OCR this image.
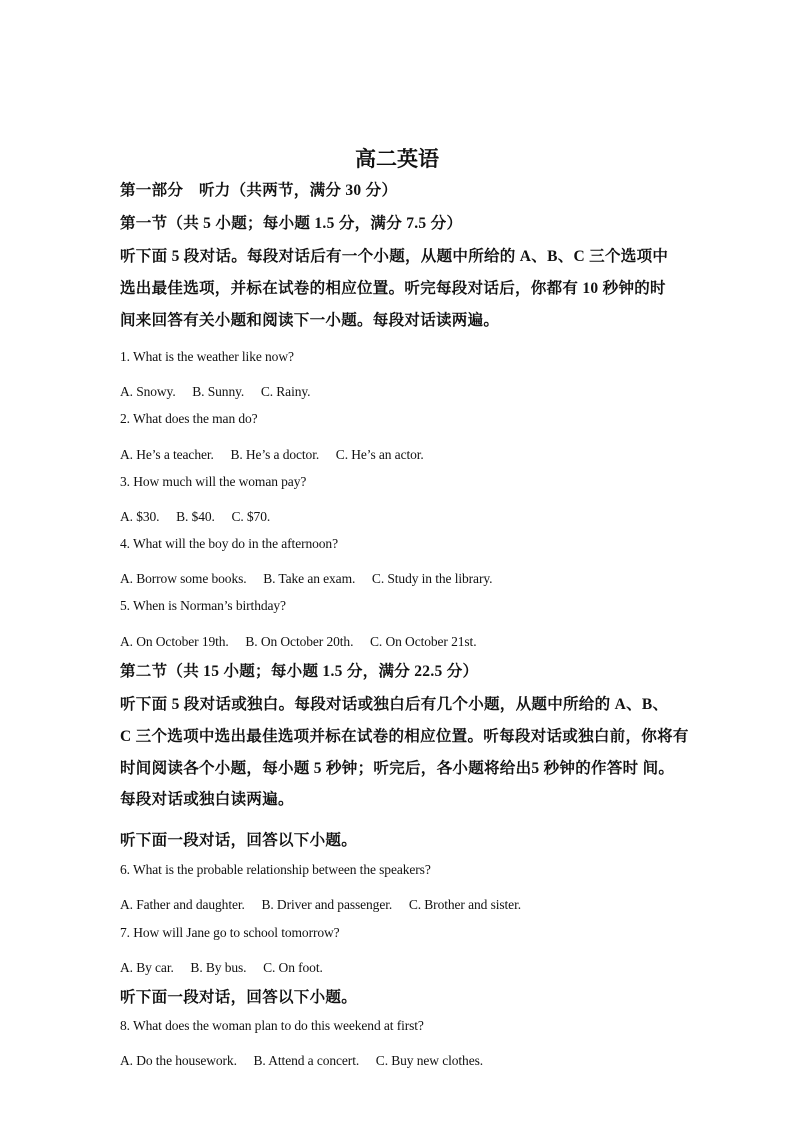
高二英语
第一部分　听力（共两节，满分 30 分）
第一节（共 5 小题；每小题 1.5 分，满分 7.5 分）
听下面 5 段对话。每段对话后有一个小题，从题中所给的 A、B、C 三个选项中
选出最佳选项，并标在试卷的相应位置。听完每段对话后，你都有 10 秒钟的时
间来回答有关小题和阅读下一小题。每段对话读两遍。
1. What is the weather like now?
A. Snowy.　 B. Sunny.　 C. Rainy.
2. What does the man do?
A. He’s a teacher.　 B. He’s a doctor.　 C. He’s an actor.
3. How much will the woman pay?
A. $30.　 B. $40.　 C. $70.
4. What will the boy do in the afternoon?
A. Borrow some books.　 B. Take an exam.　 C. Study in the library.
5. When is Norman’s birthday?
A. On October 19th.　 B. On October 20th.　 C. On October 21st.
第二节（共 15 小题；每小题 1.5 分，满分 22.5 分）
听下面 5 段对话或独白。每段对话或独白后有几个小题，从题中所给的 A、B、
C 三个选项中选出最佳选项并标在试卷的相应位置。听每段对话或独白前，你将有
时间阅读各个小题，每小题 5 秒钟；听完后，各小题将给出5 秒钟的作答时 间。
每段对话或独白读两遍。
听下面一段对话，回答以下小题。
6. What is the probable relationship between the speakers?
A. Father and daughter.　 B. Driver and passenger.　 C. Brother and sister.
7. How will Jane go to school tomorrow?
A. By car.　 B. By bus.　 C. On foot.
听下面一段对话，回答以下小题。
8. What does the woman plan to do this weekend at first?
A. Do the housework.　 B. Attend a concert.　 C. Buy new clothes.
